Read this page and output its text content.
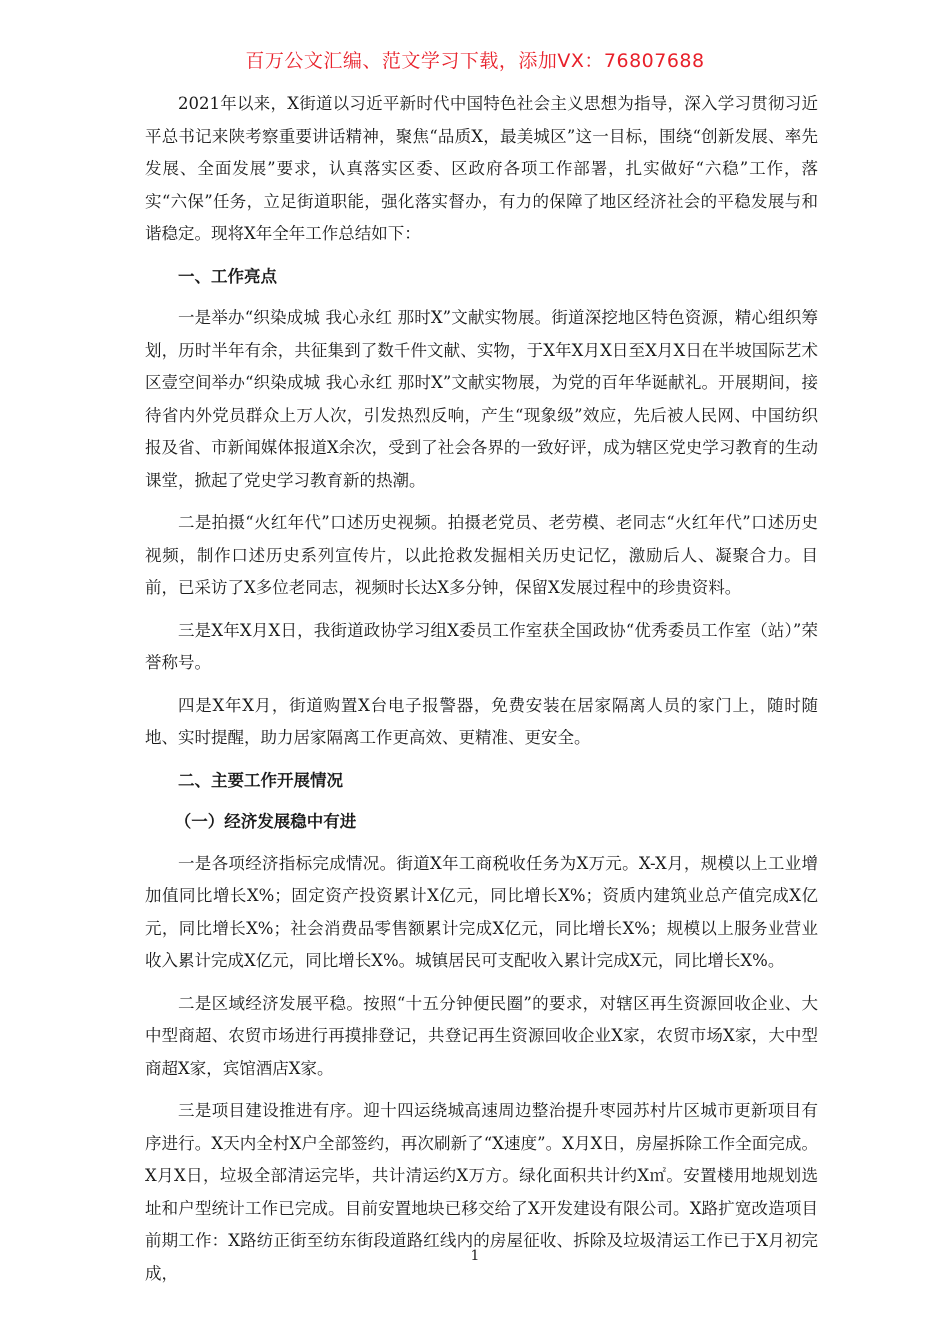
百万公文汇编、范文学习下载，添加VX：76807688

2021年以来，X街道以习近平新时代中国特色社会主义思想为指导，深入学习贯彻习近平总书记来陕考察重要讲话精神，聚焦“品质X，最美城区”这一目标，围绕“创新发展、率先发展、全面发展”要求，认真落实区委、区政府各项工作部署，扎实做好“六稳”工作，落实“六保”任务，立足街道职能，强化落实督办，有力的保障了地区经济社会的平稳发展与和谐稳定。现将X年全年工作总结如下：

一、工作亮点

一是举办“织染成城 我心永红 那时X”文献实物展。街道深挖地区特色资源，精心组织筹划，历时半年有余，共征集到了数千件文献、实物，于X年X月X日至X月X日在半坡国际艺术区壹空间举办“织染成城 我心永红 那时X”文献实物展，为党的百年华诞献礼。开展期间，接待省内外党员群众上万人次，引发热烈反响，产生“现象级”效应，先后被人民网、中国纺织报及省、市新闻媒体报道X余次，受到了社会各界的一致好评，成为辖区党史学习教育的生动课堂，掀起了党史学习教育新的热潮。

二是拍摄“火红年代”口述历史视频。拍摄老党员、老劳模、老同志“火红年代”口述历史视频，制作口述历史系列宣传片，以此抢救发掘相关历史记忆，激励后人、凝聚合力。目前，已采访了X多位老同志，视频时长达X多分钟，保留X发展过程中的珍贵资料。

三是X年X月X日，我街道政协学习组X委员工作室获全国政协“优秀委员工作室（站）”荣誉称号。

四是X年X月，街道购置X台电子报警器，免费安装在居家隔离人员的家门上，随时随地、实时提醒，助力居家隔离工作更高效、更精准、更安全。

二、主要工作开展情况

（一）经济发展稳中有进

一是各项经济指标完成情况。街道X年工商税收任务为X万元。X-X月，规模以上工业增加值同比增长X%；固定资产投资累计X亿元，同比增长X%；资质内建筑业总产值完成X亿元，同比增长X%；社会消费品零售额累计完成X亿元，同比增长X%；规模以上服务业营业收入累计完成X亿元，同比增长X%。城镇居民可支配收入累计完成X元，同比增长X%。

二是区域经济发展平稳。按照“十五分钟便民圈”的要求，对辖区再生资源回收企业、大中型商超、农贸市场进行再摸排登记，共登记再生资源回收企业X家，农贸市场X家，大中型商超X家，宾馆酒店X家。

三是项目建设推进有序。迎十四运绕城高速周边整治提升枣园苏村片区城市更新项目有序进行。X天内全村X户全部签约，再次刷新了“X速度”。X月X日，房屋拆除工作全面完成。X月X日，垃圾全部清运完毕，共计清运约X万方。绿化面积共计约X㎡。安置楼用地规划选址和户型统计工作已完成。目前安置地块已移交给了X开发建设有限公司。X路扩宽改造项目前期工作：X路纺正街至纺东街段道路红线内的房屋征收、拆除及垃圾清运工作已于X月初完成，

1
